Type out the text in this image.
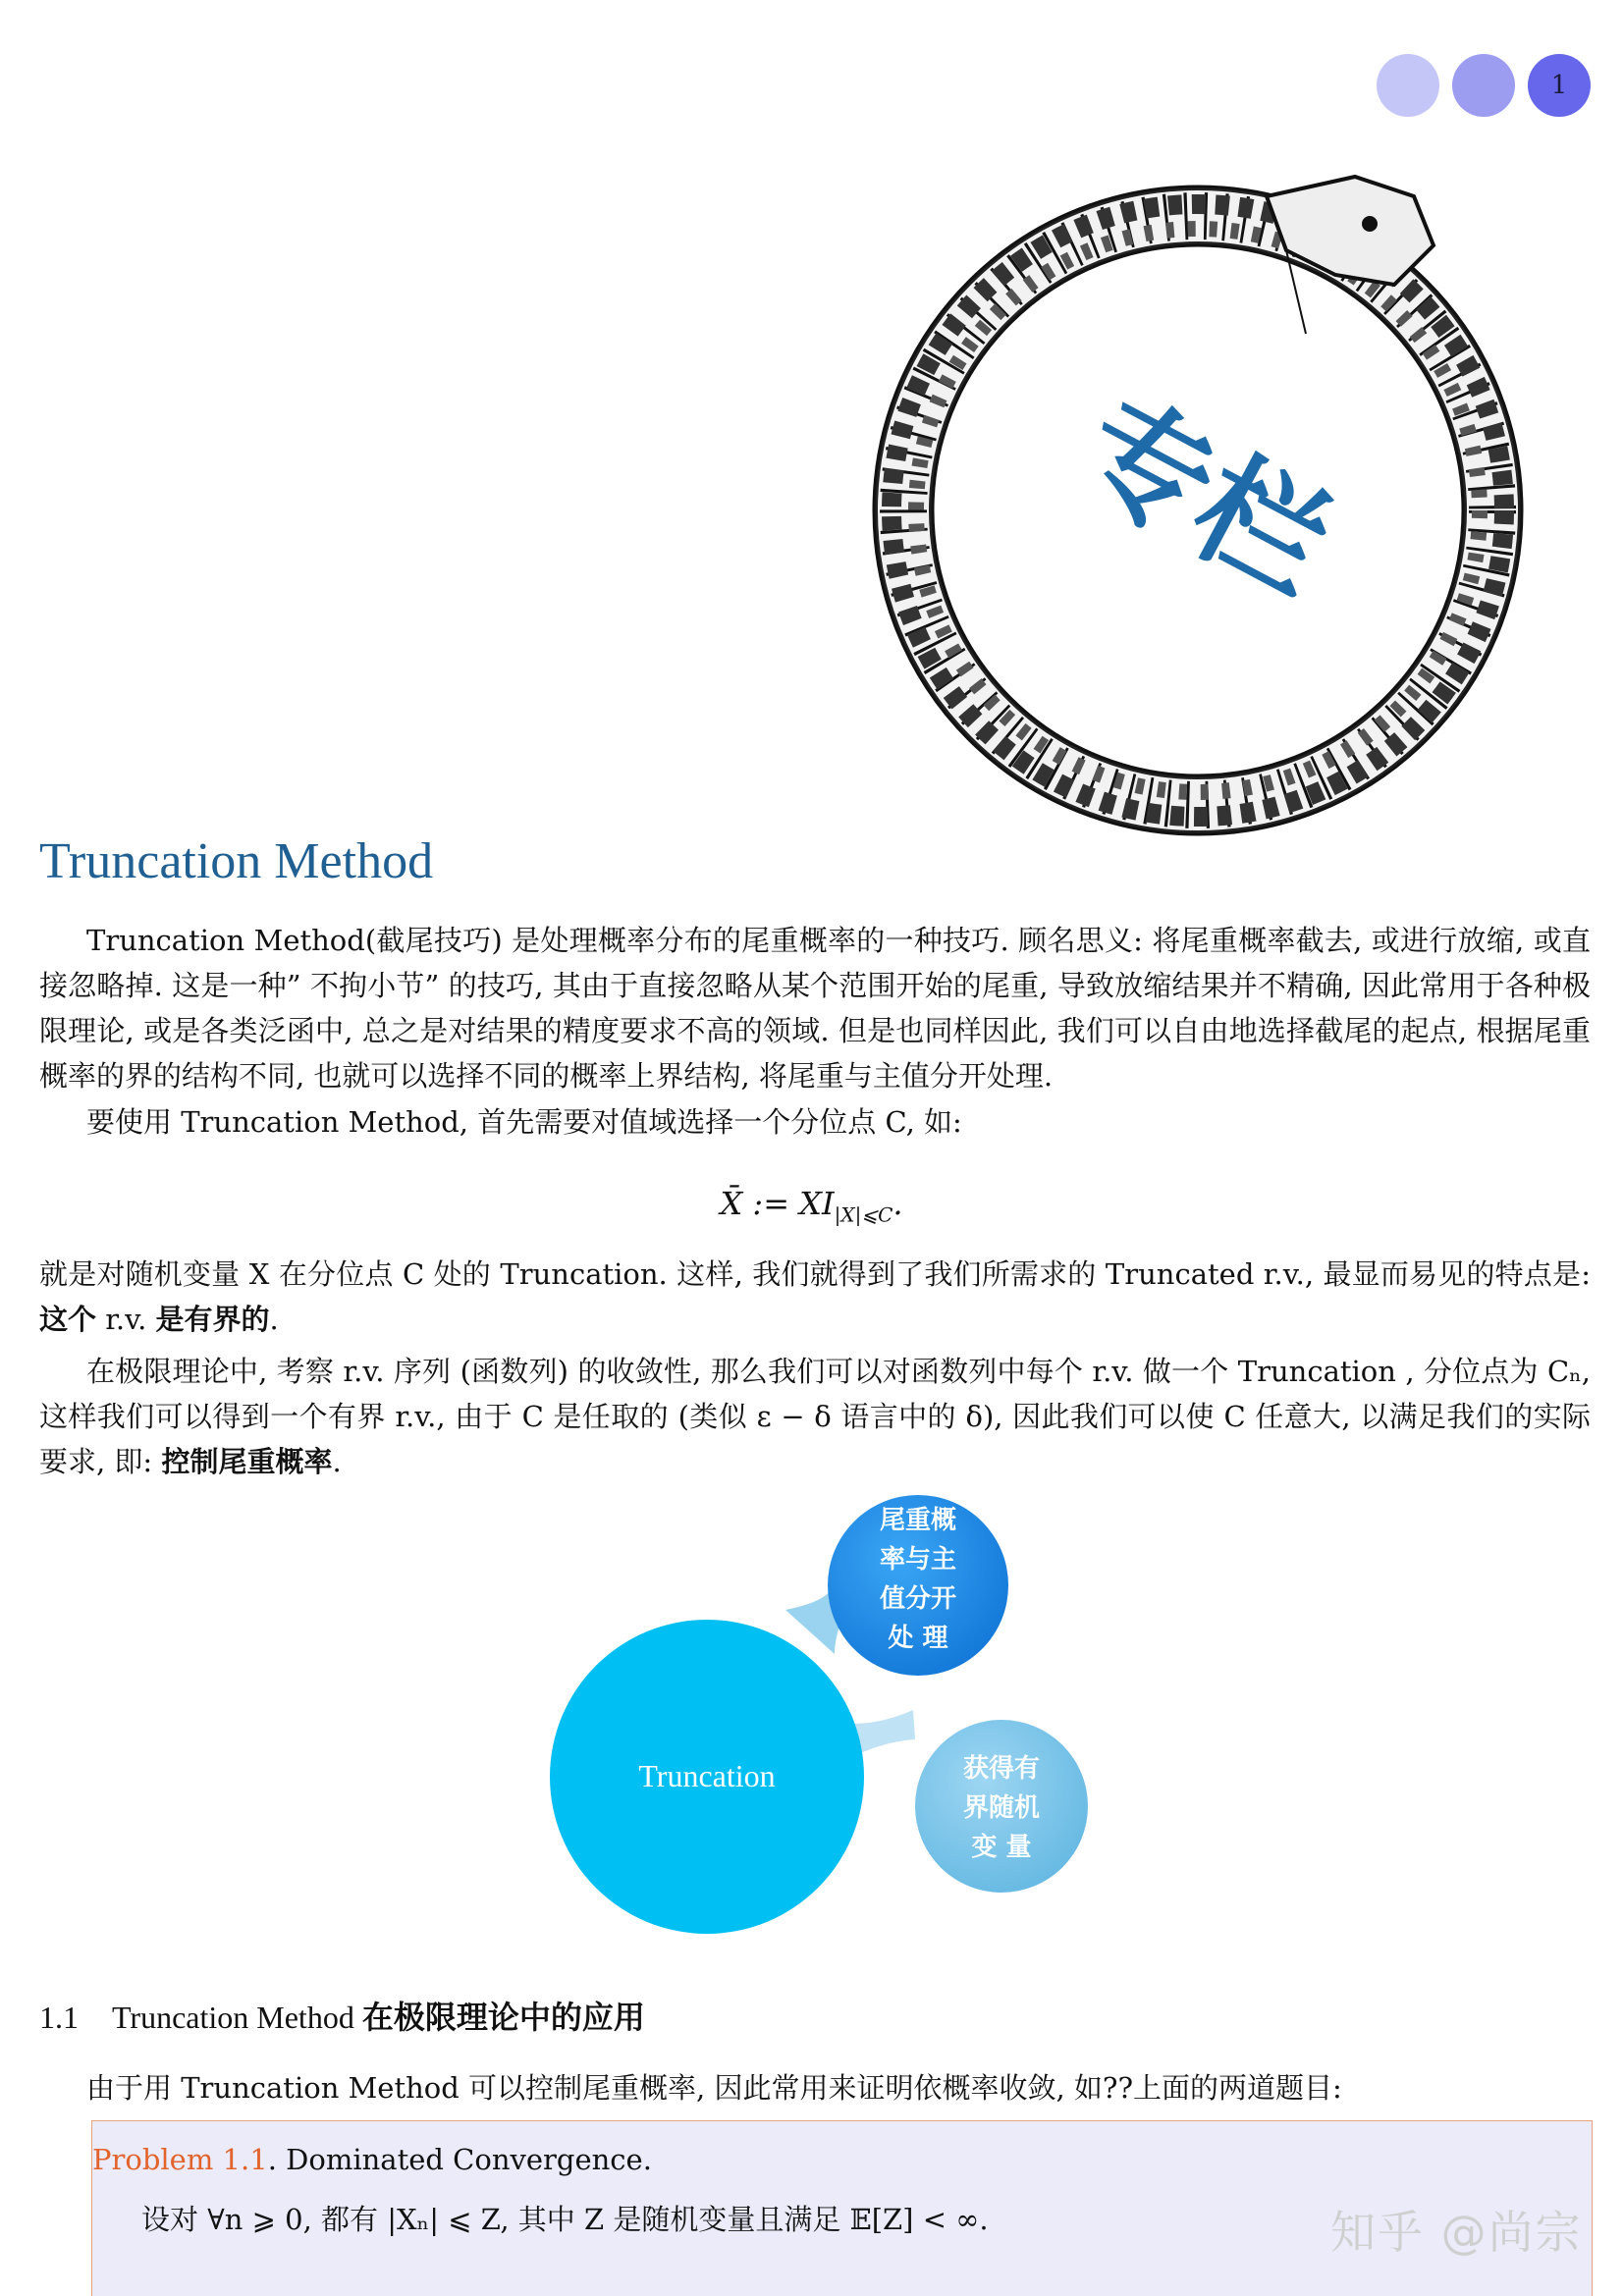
1
专栏
Truncation Method
Truncation Method(截尾技巧) 是处理概率分布的尾重概率的一种技巧. 顾名思义: 将尾重概率截去, 或进行放缩, 或直接忽略掉. 这是一种” 不拘小节” 的技巧, 其由于直接忽略从某个范围开始的尾重, 导致放缩结果并不精确, 因此常用于各种极限理论, 或是各类泛函中, 总之是对结果的精度要求不高的领域. 但是也同样因此, 我们可以自由地选择截尾的起点, 根据尾重概率的界的结构不同, 也就可以选择不同的概率上界结构, 将尾重与主值分开处理.
要使用 Truncation Method, 首先需要对值域选择一个分位点 C, 如:
X̄ := $XI_{|X|⩽C}$.
就是对随机变量 X 在分位点 C 处的 Truncation. 这样, 我们就得到了我们所需求的 Truncated r.v., 最显而易见的特点是: 这个 r.v. 是有界的.
在极限理论中, 考察 r.v. 序列 (函数列) 的收敛性, 那么我们可以对函数列中每个 r.v. 做一个 Truncation , 分位点为 Cₙ, 这样我们可以得到一个有界 r.v., 由于 C 是任取的 (类似 ε − δ 语言中的 δ), 因此我们可以使 C 任意大, 以满足我们的实际要求, 即: 控制尾重概率.
Truncation
尾重概
率与主
值分开
处 理
获得有
界随机
变 量
1.1 Truncation Method 在极限理论中的应用
由于用 Truncation Method 可以控制尾重概率, 因此常用来证明依概率收敛, 如??上面的两道题目:
Problem 1.1. Dominated Convergence.
设对 ∀n ⩾ 0, 都有 |Xₙ| ⩽ Z, 其中 Z 是随机变量且满足 𝔼[Z] < ∞.	知乎 @尚宗
